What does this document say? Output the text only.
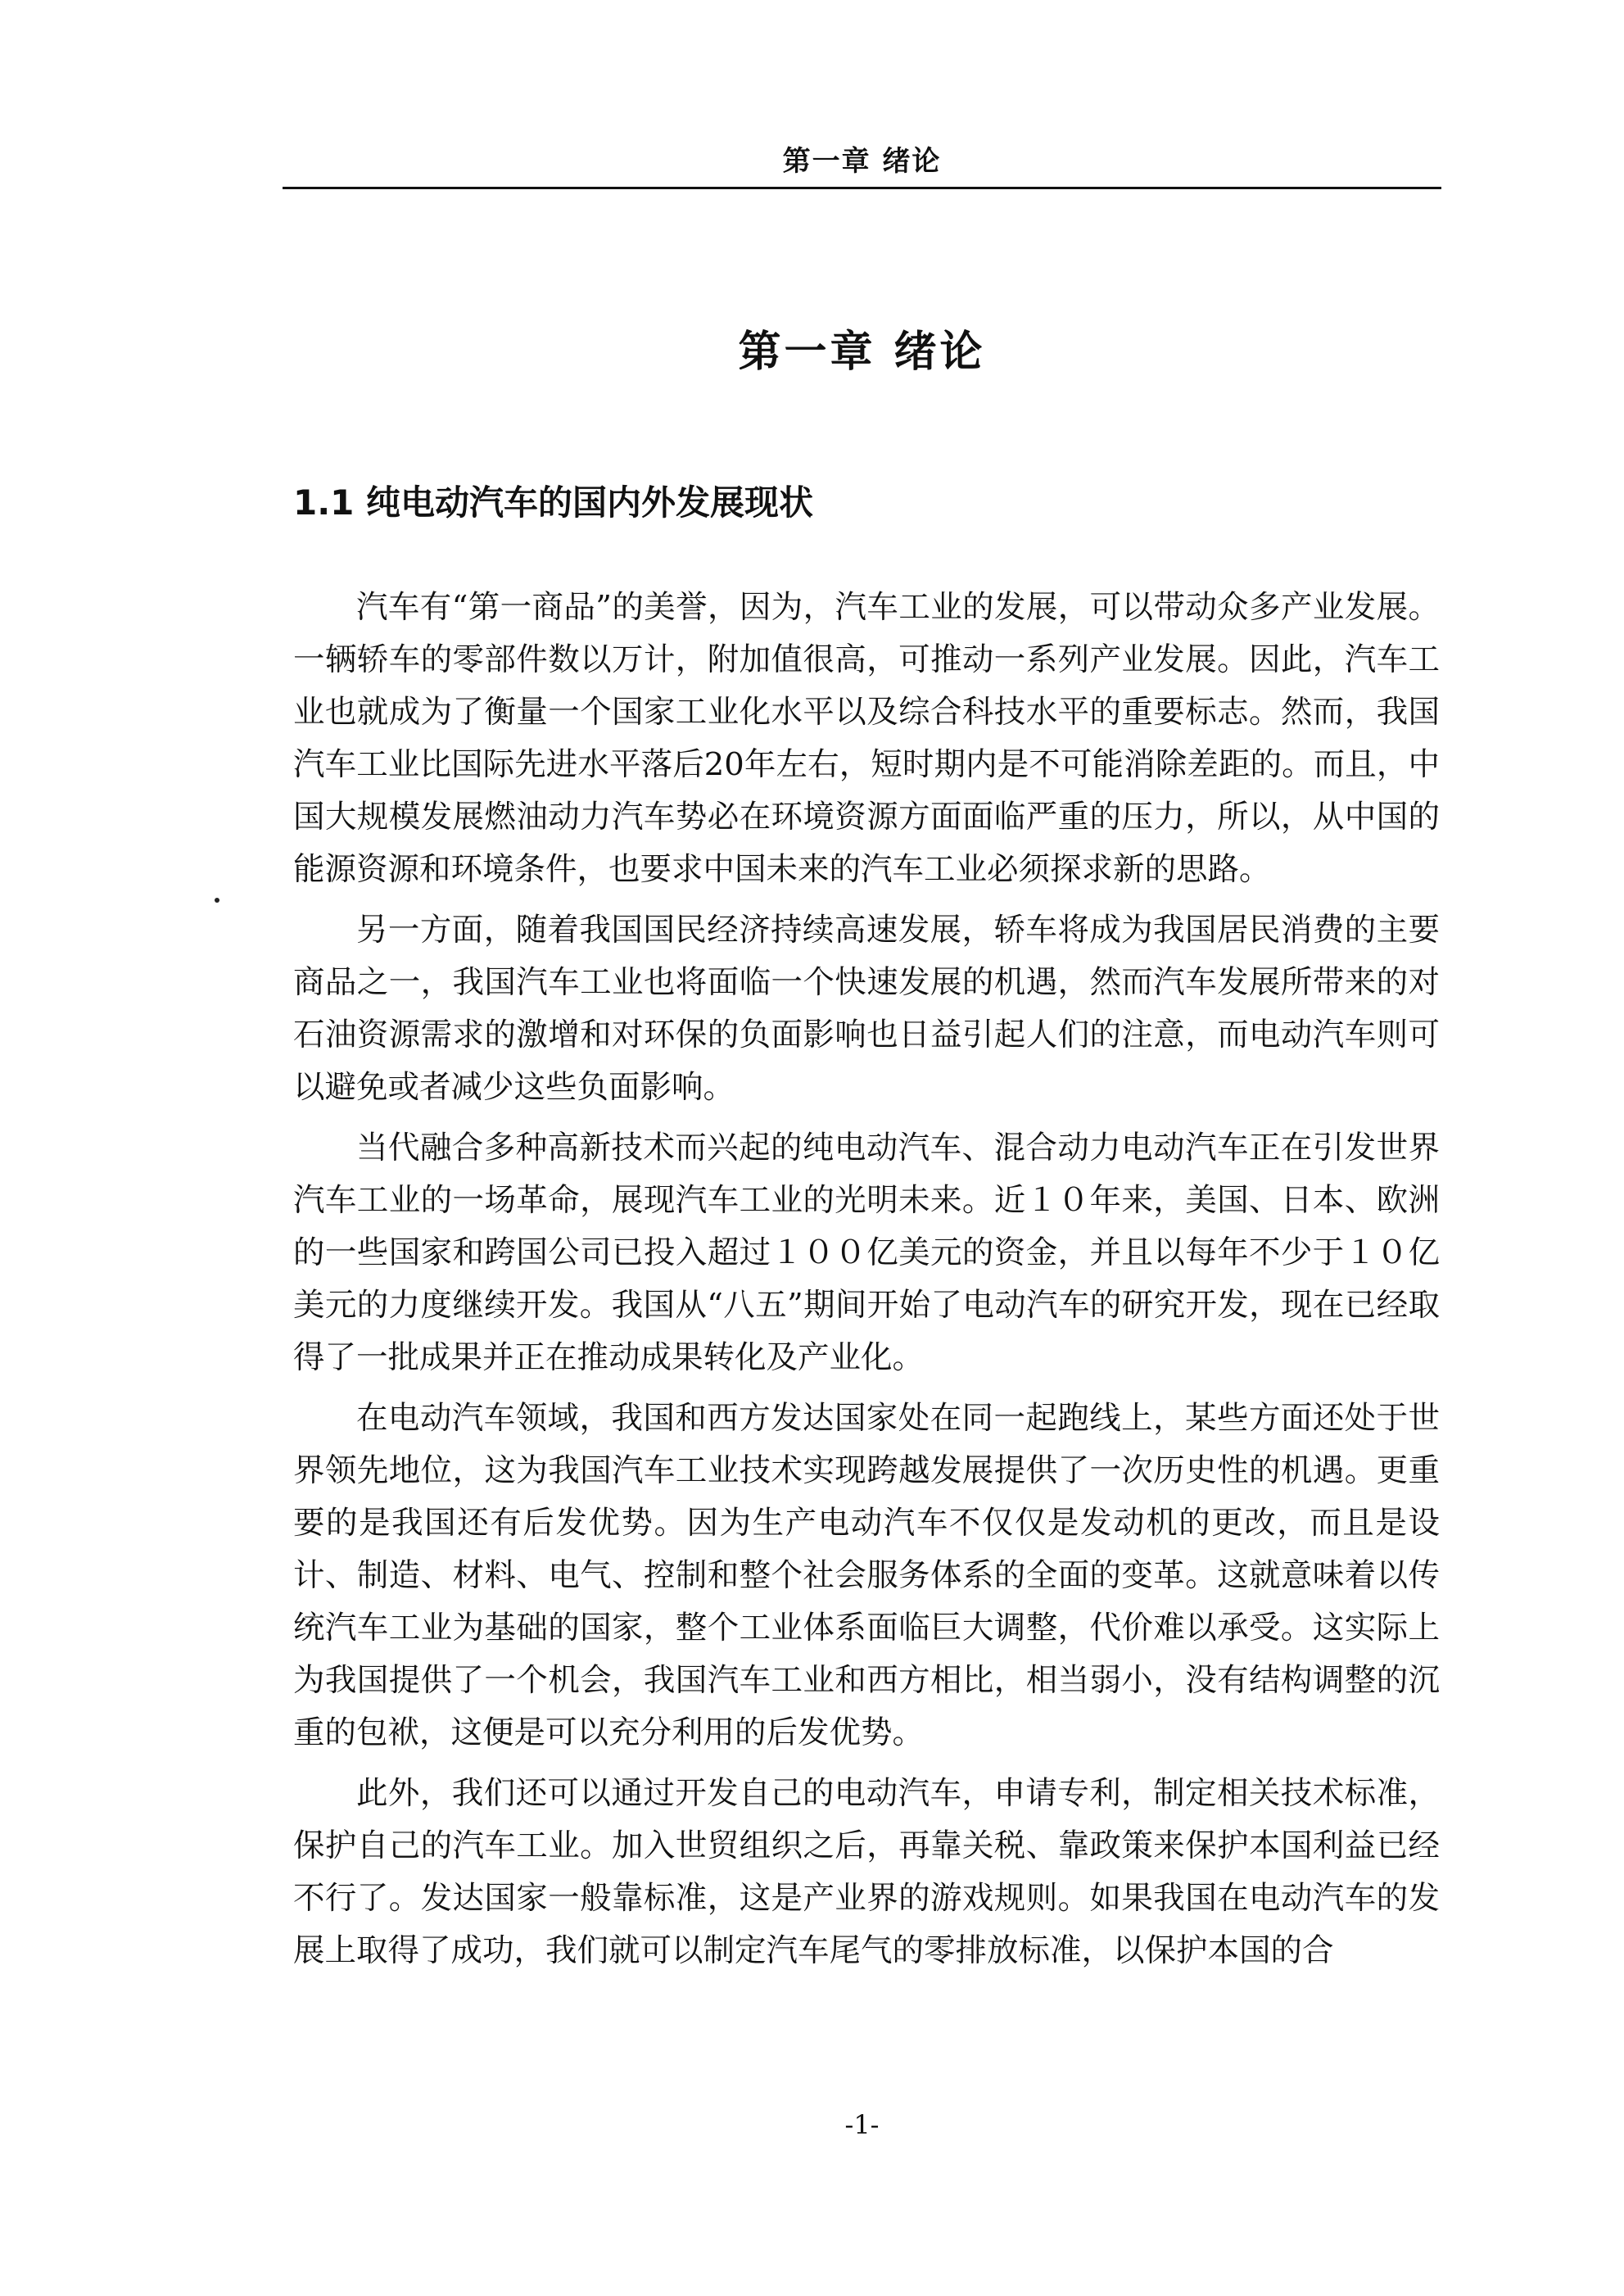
第一章 绪论
第一章 绪论
1.1 纯电动汽车的国内外发展现状

汽车有“第一商品”的美誉，因为，汽车工业的发展，可以带动众多产业发展。一辆轿车的零部件数以万计，附加值很高，可推动一系列产业发展。因此，汽车工业也就成为了衡量一个国家工业化水平以及综合科技水平的重要标志。然而，我国汽车工业比国际先进水平落后20年左右，短时期内是不可能消除差距的。而且，中国大规模发展燃油动力汽车势必在环境资源方面面临严重的压力，所以，从中国的能源资源和环境条件，也要求中国未来的汽车工业必须探求新的思路。

另一方面，随着我国国民经济持续高速发展，轿车将成为我国居民消费的主要商品之一，我国汽车工业也将面临一个快速发展的机遇，然而汽车发展所带来的对石油资源需求的激增和对环保的负面影响也日益引起人们的注意，而电动汽车则可以避免或者减少这些负面影响。

当代融合多种高新技术而兴起的纯电动汽车、混合动力电动汽车正在引发世界汽车工业的一场革命，展现汽车工业的光明未来。近１０年来，美国、日本、欧洲的一些国家和跨国公司已投入超过１００亿美元的资金，并且以每年不少于１０亿美元的力度继续开发。我国从“八五”期间开始了电动汽车的研究开发，现在已经取得了一批成果并正在推动成果转化及产业化。

在电动汽车领域，我国和西方发达国家处在同一起跑线上，某些方面还处于世界领先地位，这为我国汽车工业技术实现跨越发展提供了一次历史性的机遇。更重要的是我国还有后发优势。因为生产电动汽车不仅仅是发动机的更改，而且是设计、制造、材料、电气、控制和整个社会服务体系的全面的变革。这就意味着以传统汽车工业为基础的国家，整个工业体系面临巨大调整，代价难以承受。这实际上为我国提供了一个机会，我国汽车工业和西方相比，相当弱小，没有结构调整的沉重的包袱，这便是可以充分利用的后发优势。

此外，我们还可以通过开发自己的电动汽车，申请专利，制定相关技术标准，保护自己的汽车工业。加入世贸组织之后，再靠关税、靠政策来保护本国利益已经不行了。发达国家一般靠标准，这是产业界的游戏规则。如果我国在电动汽车的发展上取得了成功，我们就可以制定汽车尾气的零排放标准，以保护本国的合

-1-
